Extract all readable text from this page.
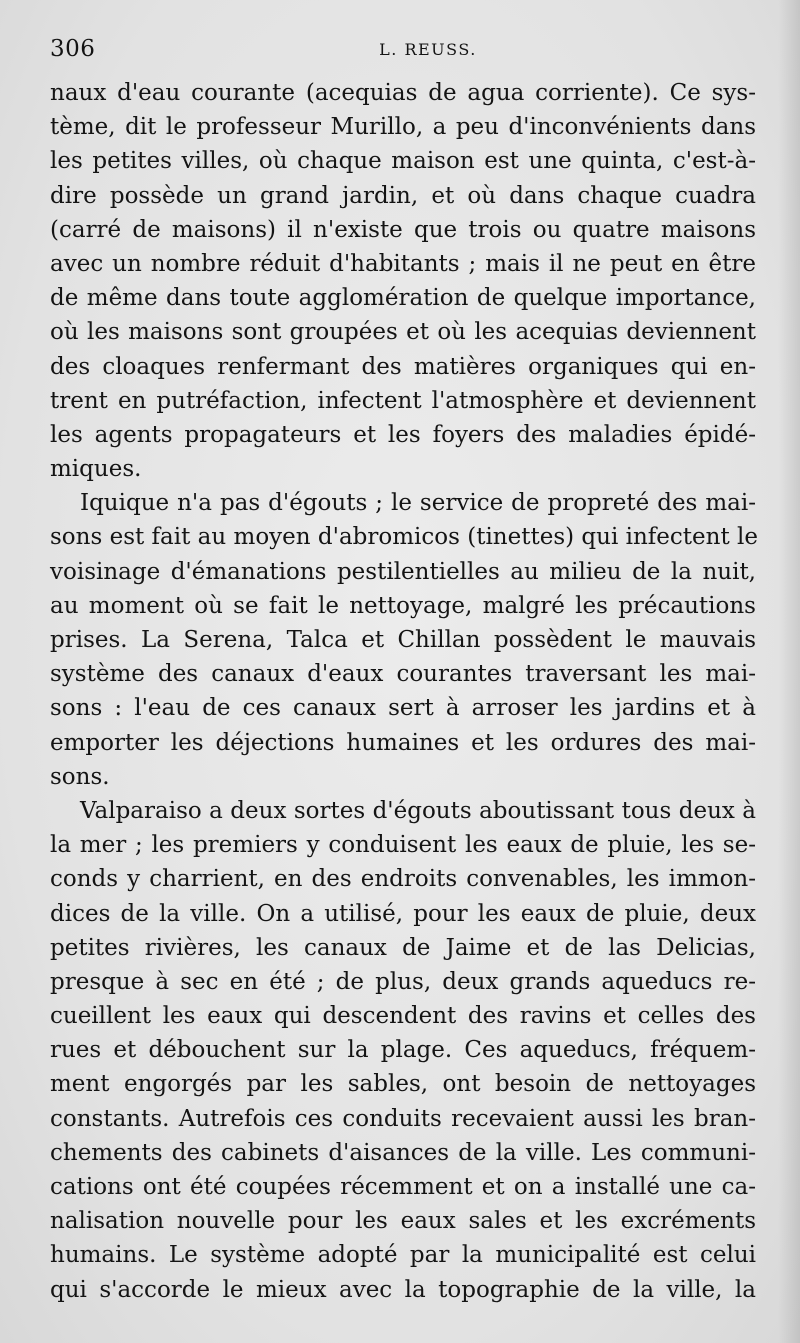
306	L. REUSS.
naux d'eau courante (acequias de agua corriente). Ce sys-
tème, dit le professeur Murillo, a peu d'inconvénients dans
les petites villes, où chaque maison est une quinta, c'est-à-
dire possède un grand jardin, et où dans chaque cuadra
(carré de maisons) il n'existe que trois ou quatre maisons
avec un nombre réduit d'habitants ; mais il ne peut en être
de même dans toute agglomération de quelque importance,
où les maisons sont groupées et où les acequias deviennent
des cloaques renfermant des matières organiques qui en-
trent en putréfaction, infectent l'atmosphère et deviennent
les agents propagateurs et les foyers des maladies épidé-
miques.
Iquique n'a pas d'égouts ; le service de propreté des mai-
sons est fait au moyen d'abromicos (tinettes) qui infectent le
voisinage d'émanations pestilentielles au milieu de la nuit,
au moment où se fait le nettoyage, malgré les précautions
prises. La Serena, Talca et Chillan possèdent le mauvais
système des canaux d'eaux courantes traversant les mai-
sons : l'eau de ces canaux sert à arroser les jardins et à
emporter les déjections humaines et les ordures des mai-
sons.
Valparaiso a deux sortes d'égouts aboutissant tous deux à
la mer ; les premiers y conduisent les eaux de pluie, les se-
conds y charrient, en des endroits convenables, les immon-
dices de la ville. On a utilisé, pour les eaux de pluie, deux
petites rivières, les canaux de Jaime et de las Delicias,
presque à sec en été ; de plus, deux grands aqueducs re-
cueillent les eaux qui descendent des ravins et celles des
rues et débouchent sur la plage. Ces aqueducs, fréquem-
ment engorgés par les sables, ont besoin de nettoyages
constants. Autrefois ces conduits recevaient aussi les bran-
chements des cabinets d'aisances de la ville. Les communi-
cations ont été coupées récemment et on a installé une ca-
nalisation nouvelle pour les eaux sales et les excréments
humains. Le système adopté par la municipalité est celui
qui s'accorde le mieux avec la topographie de la ville, la
